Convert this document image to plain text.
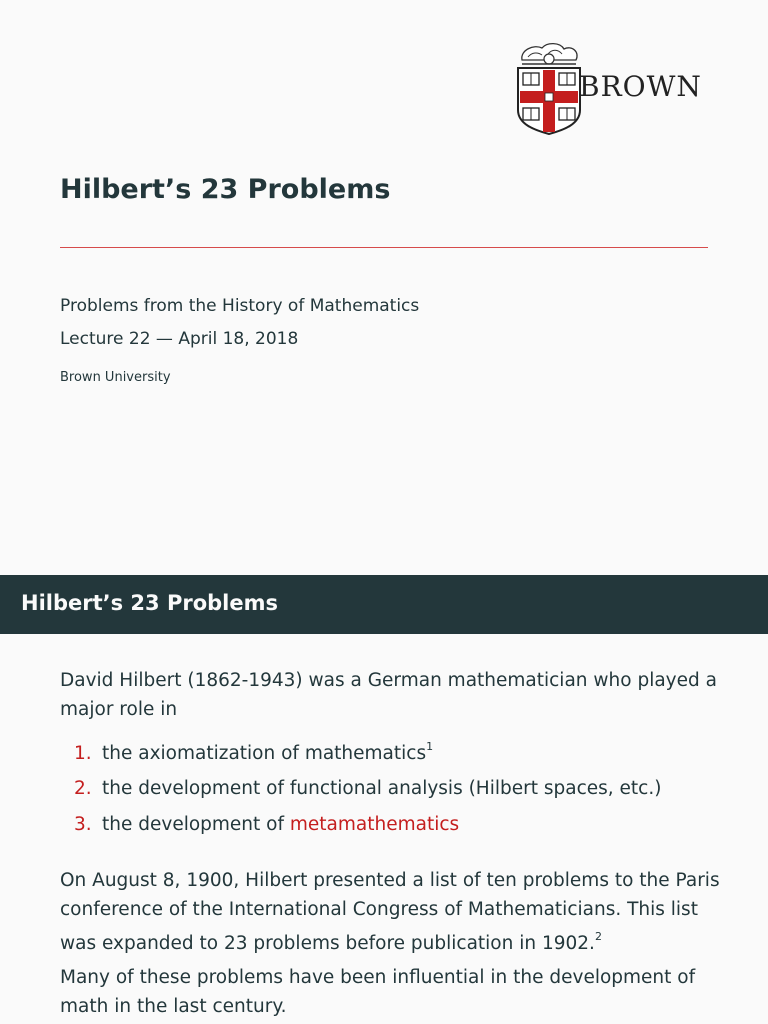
BROWN
Hilbert’s 23 Problems
Problems from the History of Mathematics
Lecture 22 — April 18, 2018
Brown University
Hilbert’s 23 Problems
David Hilbert (1862-1943) was a German mathematician who played a major role in
1. the axiomatization of mathematics$^1$
2. the development of functional analysis (Hilbert spaces, etc.)
3. the development of metamathematics
On August 8, 1900, Hilbert presented a list of ten problems to the Paris conference of the International Congress of Mathematicians. This list was expanded to 23 problems before publication in 1902.$^2$
Many of these problems have been influential in the development of math in the last century.
